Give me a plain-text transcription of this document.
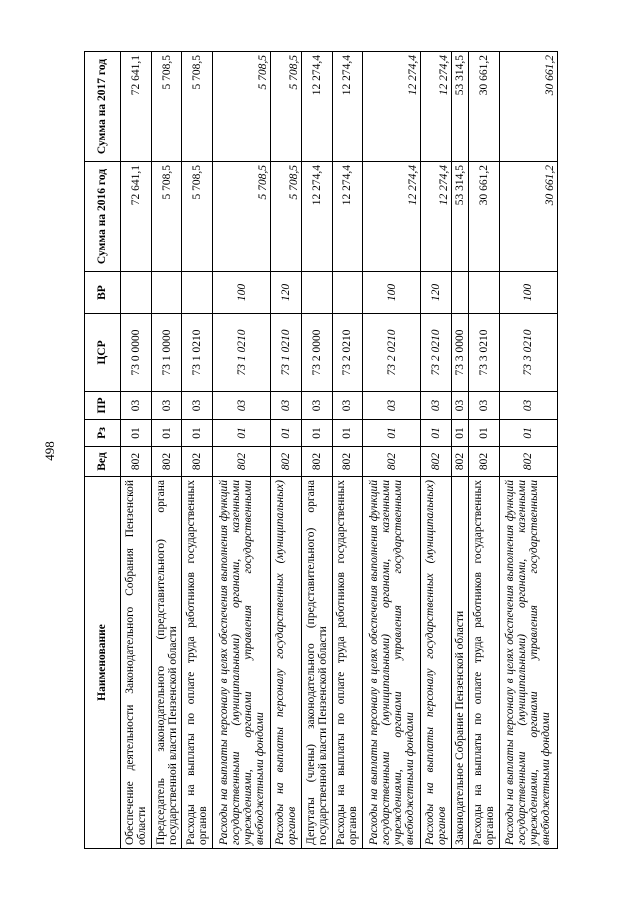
498
Наименование	Вед	Рз	ПР	ЦСР	ВР	Сумма на 2016 год	Сумма на 2017 год
Обеспечение деятельности Законодательного Собрания Пензенской области	802	01	03	73 0 0000		72 641,1	72 641,1
Председатель законодательного (представительного) органа государственной власти Пензенской области	802	01	03	73 1 0000		5 708,5	5 708,5
Расходы на выплаты по оплате труда работников государственных органов	802	01	03	73 1 0210		5 708,5	5 708,5
Расходы на выплаты персоналу в целях обеспечения выполнения функций государственными (муниципальными) органами, казенными учреждениями, органами управления государственными внебюджетными фондами	802	01	03	73 1 0210	100	5 708,5	5 708,5
Расходы на выплаты персоналу государственных (муниципальных) органов	802	01	03	73 1 0210	120	5 708,5	5 708,5
Депутаты (члены) законодательного (представительного) органа государственной власти Пензенской области	802	01	03	73 2 0000		12 274,4	12 274,4
Расходы на выплаты по оплате труда работников государственных органов	802	01	03	73 2 0210		12 274,4	12 274,4
Расходы на выплаты персоналу в целях обеспечения выполнения функций государственными (муниципальными) органами, казенными учреждениями, органами управления государственными внебюджетными фондами	802	01	03	73 2 0210	100	12 274,4	12 274,4
Расходы на выплаты персоналу государственных (муниципальных) органов	802	01	03	73 2 0210	120	12 274,4	12 274,4
Законодательное Собрание Пензенской области	802	01	03	73 3 0000		53 314,5	53 314,5
Расходы на выплаты по оплате труда работников государственных органов	802	01	03	73 3 0210		30 661,2	30 661,2
Расходы на выплаты персоналу в целях обеспечения выполнения функций государственными (муниципальными) органами, казенными учреждениями, органами управления государственными внебюджетными фондами	802	01	03	73 3 0210	100	30 661,2	30 661,2
